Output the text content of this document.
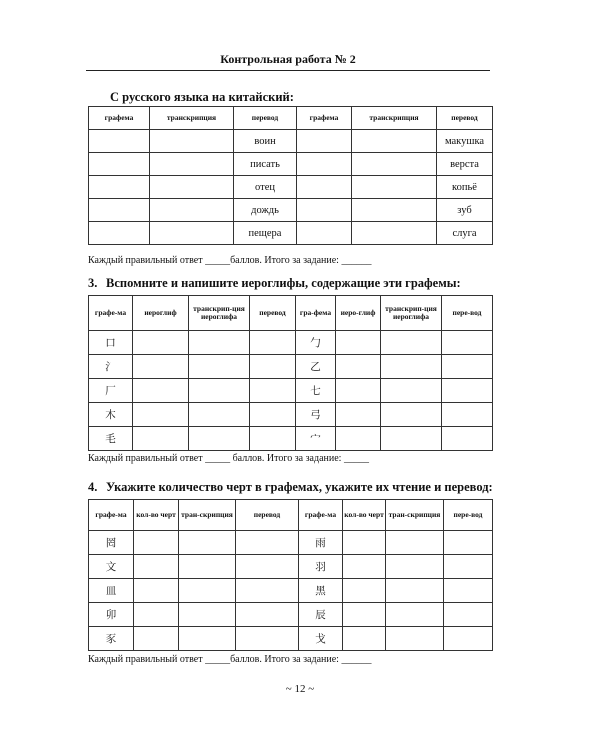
Контрольная работа № 2
С русского языка на китайский:
графема	транскрипция	перевод	графема	транскрипция	перевод
		воин			макушка
		писать			верста
		отец			копьё
		дождь			зуб
		пещера			слуга
Каждый правильный ответ _____баллов. Итого за задание: ______
3. Вспомните и напишите иероглифы, содержащие эти графемы:
графе-ма	иероглиф	транскрип-ция иероглифа	перевод	гра-фема	иеро-глиф	транскрип-ция иероглифа	пере-вод
口				勹			
氵				乙			
厂				七			
木				弓			
毛				宀			
Каждый правильный ответ _____ баллов. Итого за задание: _____
4. Укажите количество черт в графемах, укажите их чтение и перевод:
графе-ма	кол-во черт	тран-скрипция	перевод	графе-ма	кол-во черт	тран-скрипция	пере-вод
罔				雨			
文				羽			
皿				黑			
卯				辰			
豕				戈			
Каждый правильный ответ _____баллов. Итого за задание: ______
~ 12 ~
